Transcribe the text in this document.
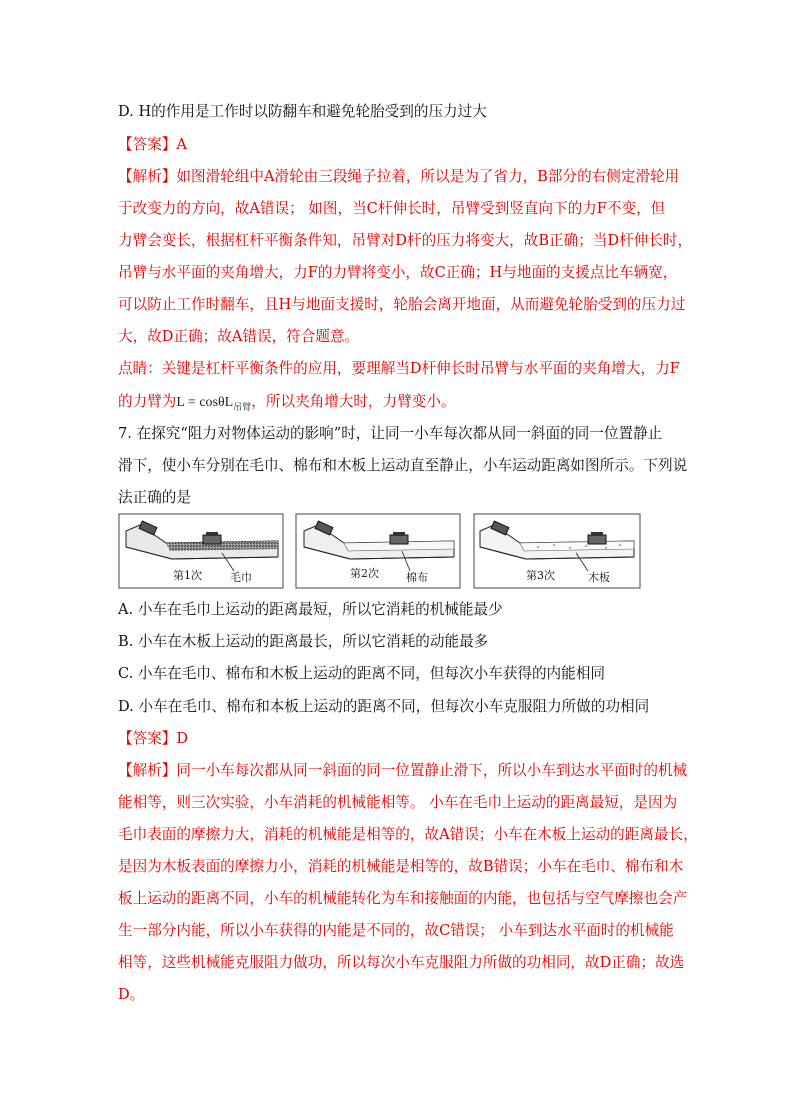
D. H的作用是工作时以防翻车和避免轮胎受到的压力过大
【答案】A
【解析】如图滑轮组中A滑轮由三段绳子拉着，所以是为了省力，B部分的右侧定滑轮用
于改变力的方向，故A错误； 如图，当C杆伸长时，吊臂受到竖直向下的力F不变，但
力臂会变长，根据杠杆平衡条件知，吊臂对D杆的压力将变大，故B正确；当D杆伸长时，
吊臂与水平面的夹角增大，力F的力臂将变小，故C正确；H与地面的支援点比车辆宽，
可以防止工作时翻车，且H与地面支援时，轮胎会离开地面，从而避免轮胎受到的压力过
大，故D正确；故A错误，符合题意。
点睛：关键是杠杆平衡条件的应用，要理解当D杆伸长时吊臂与水平面的夹角增大，力F
的力臂为L = cosθL$_{吊臂}$，所以夹角增大时，力臂变小。
7. 在探究“阻力对物体运动的影响”时，让同一小车每次都从同一斜面的同一位置静止
滑下，使小车分别在毛巾、棉布和木板上运动直至静止，小车运动距离如图所示。下列说
法正确的是
第1次	毛巾	第2次 棉布	第3次	木板
A. 小车在毛巾上运动的距离最短，所以它消耗的机械能最少
B. 小车在木板上运动的距离最长，所以它消耗的动能最多
C. 小车在毛巾、棉布和木板上运动的距离不同，但每次小车获得的内能相同
D. 小车在毛巾、棉布和本板上运动的距离不同，但每次小车克服阻力所做的功相同
【答案】D
【解析】同一小车每次都从同一斜面的同一位置静止滑下，所以小车到达水平面时的机械
能相等，则三次实验，小车消耗的机械能相等。 小车在毛巾上运动的距离最短，是因为
毛巾表面的摩擦力大，消耗的机械能是相等的，故A错误；小车在木板上运动的距离最长，
是因为木板表面的摩擦力小，消耗的机械能是相等的，故B错误；小车在毛巾、棉布和木
板上运动的距离不同，小车的机械能转化为车和接触面的内能，也包括与空气摩擦也会产
生一部分内能，所以小车获得的内能是不同的，故C错误； 小车到达水平面时的机械能
相等，这些机械能克服阻力做功，所以每次小车克服阻力所做的功相同，故D正确；故选
D。
